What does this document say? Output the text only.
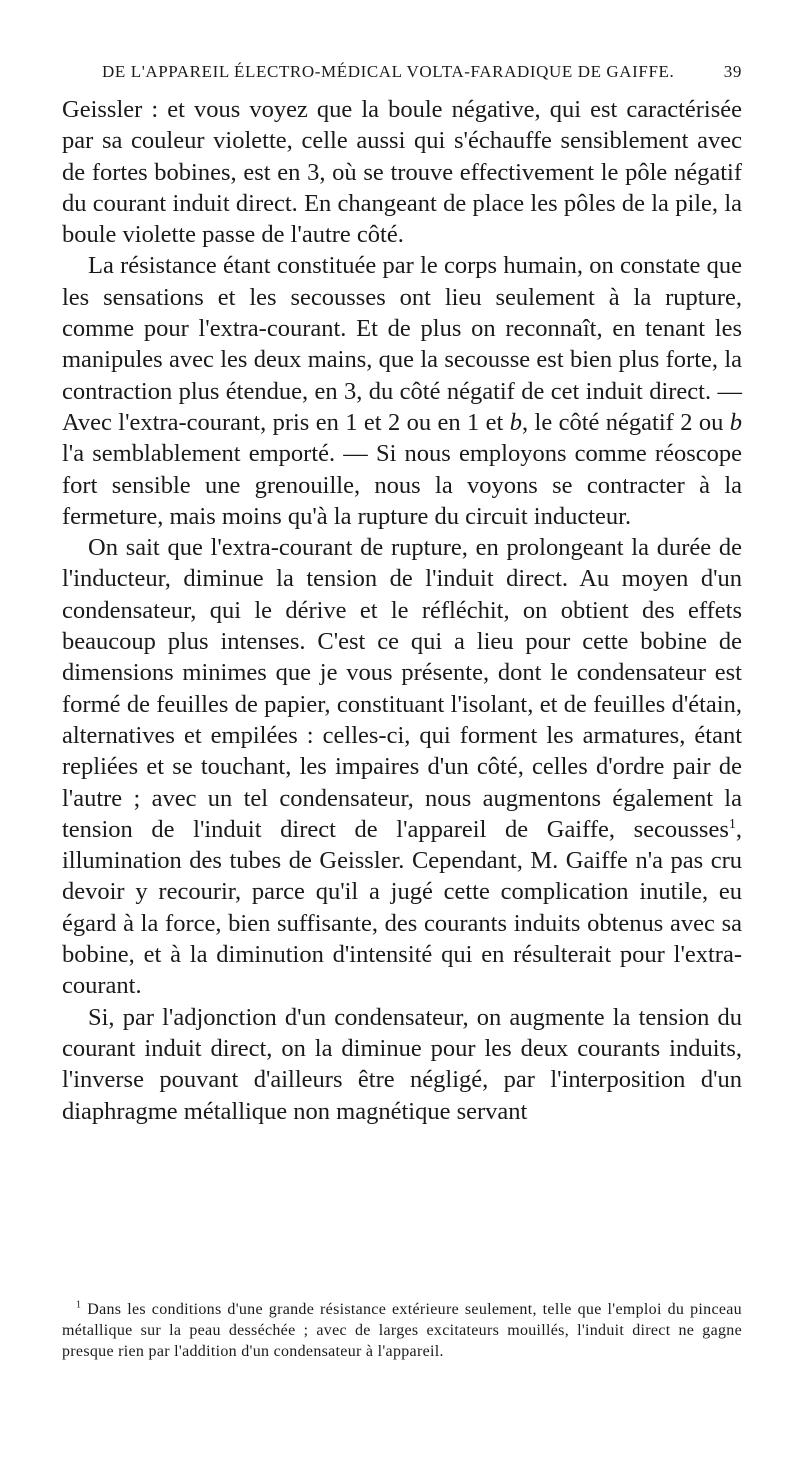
DE L'APPAREIL ÉLECTRO-MÉDICAL VOLTA-FARADIQUE DE GAIFFE.	39

Geissler : et vous voyez que la boule négative, qui est caractérisée par sa couleur violette, celle aussi qui s'échauffe sensiblement avec de fortes bobines, est en 3, où se trouve effectivement le pôle négatif du courant induit direct. En changeant de place les pôles de la pile, la boule violette passe de l'autre côté.

La résistance étant constituée par le corps humain, on constate que les sensations et les secousses ont lieu seulement à la rupture, comme pour l'extra-courant. Et de plus on reconnaît, en tenant les manipules avec les deux mains, que la secousse est bien plus forte, la contraction plus étendue, en 3, du côté négatif de cet induit direct. — Avec l'extra-courant, pris en 1 et 2 ou en 1 et b, le côté négatif 2 ou b l'a semblablement emporté. — Si nous employons comme réoscope fort sensible une grenouille, nous la voyons se contracter à la fermeture, mais moins qu'à la rupture du circuit inducteur.

On sait que l'extra-courant de rupture, en prolongeant la durée de l'inducteur, diminue la tension de l'induit direct. Au moyen d'un condensateur, qui le dérive et le réfléchit, on obtient des effets beaucoup plus intenses. C'est ce qui a lieu pour cette bobine de dimensions minimes que je vous présente, dont le condensateur est formé de feuilles de papier, constituant l'isolant, et de feuilles d'étain, alternatives et empilées : celles-ci, qui forment les armatures, étant repliées et se touchant, les impaires d'un côté, celles d'ordre pair de l'autre ; avec un tel condensateur, nous augmentons également la tension de l'induit direct de l'appareil de Gaiffe, secousses$^1$, illumination des tubes de Geissler. Cependant, M. Gaiffe n'a pas cru devoir y recourir, parce qu'il a jugé cette complication inutile, eu égard à la force, bien suffisante, des courants induits obtenus avec sa bobine, et à la diminution d'intensité qui en résulterait pour l'extra-courant.

Si, par l'adjonction d'un condensateur, on augmente la tension du courant induit direct, on la diminue pour les deux courants induits, l'inverse pouvant d'ailleurs être négligé, par l'interposition d'un diaphragme métallique non magnétique servant

$^1$ Dans les conditions d'une grande résistance extérieure seulement, telle que l'emploi du pinceau métallique sur la peau desséchée ; avec de larges excitateurs mouillés, l'induit direct ne gagne presque rien par l'addition d'un condensateur à l'appareil.
